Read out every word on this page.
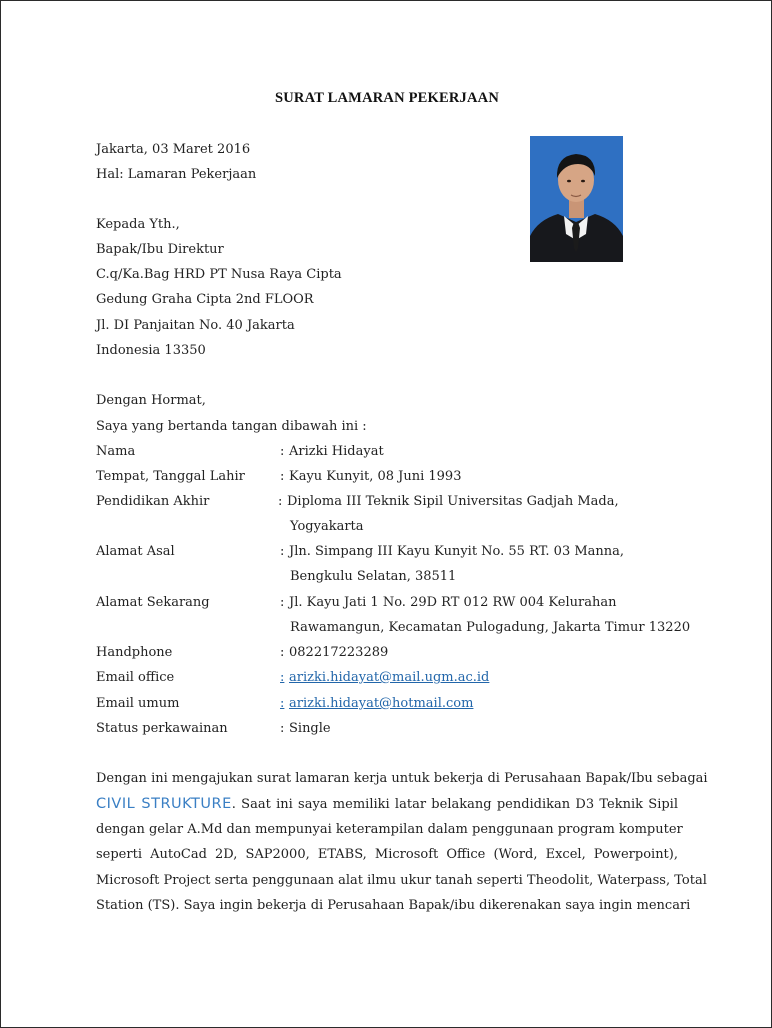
SURAT LAMARAN PEKERJAAN
Jakarta, 03 Maret 2016
Hal: Lamaran Pekerjaan
Kepada Yth.,
Bapak/Ibu Direktur
C.q/Ka.Bag HRD PT Nusa Raya Cipta
Gedung Graha Cipta 2nd FLOOR
Jl. DI Panjaitan No. 40 Jakarta
Indonesia 13350
Dengan Hormat,
Saya yang bertanda tangan dibawah ini :
Nama	: Arizki Hidayat
Tempat, Tanggal Lahir	: Kayu Kunyit, 08 Juni 1993
Pendidikan Akhir	: Diploma III Teknik Sipil Universitas Gadjah Mada,
Yogyakarta
Alamat Asal	: Jln. Simpang III Kayu Kunyit No. 55 RT. 03 Manna,
Bengkulu Selatan, 38511
Alamat Sekarang	: Jl. Kayu Jati 1 No. 29D RT 012 RW 004 Kelurahan
Rawamangun, Kecamatan Pulogadung, Jakarta Timur 13220
Handphone	: 082217223289
Email office	: arizki.hidayat@mail.ugm.ac.id
Email umum	: arizki.hidayat@hotmail.com
Status perkawainan	: Single
Dengan ini mengajukan surat lamaran kerja untuk bekerja di Perusahaan Bapak/Ibu sebagai
CIVIL STRUKTURE. Saat ini saya memiliki latar belakang pendidikan D3 Teknik Sipil
dengan gelar A.Md dan mempunyai keterampilan dalam penggunaan program komputer
seperti AutoCad 2D, SAP2000, ETABS, Microsoft Office (Word, Excel, Powerpoint),
Microsoft Project serta penggunaan alat ilmu ukur tanah seperti Theodolit, Waterpass, Total
Station (TS). Saya ingin bekerja di Perusahaan Bapak/ibu dikerenakan saya ingin mencari
